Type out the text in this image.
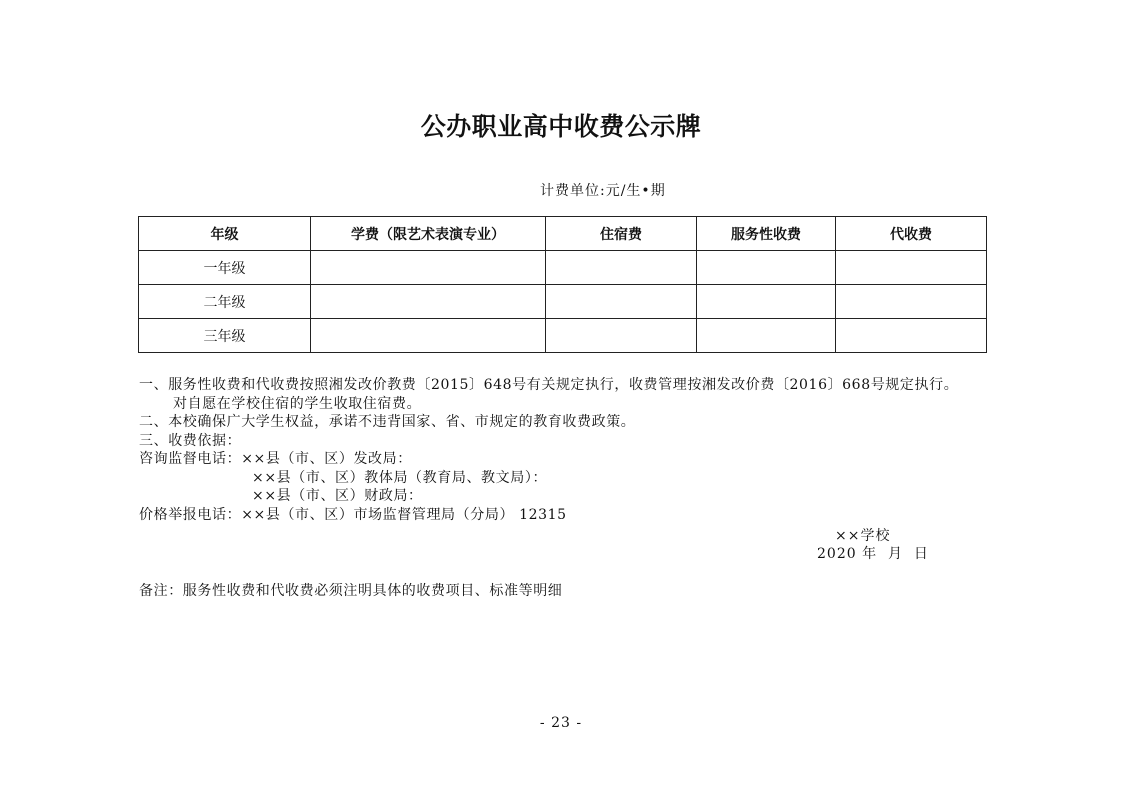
公办职业高中收费公示牌
计费单位:元/生•期
年级	学费（限艺术表演专业）	住宿费	服务性收费	代收费
一年级				
二年级				
三年级				
一、服务性收费和代收费按照湘发改价教费〔2015〕648号有关规定执行，收费管理按湘发改价费〔2016〕668号规定执行。
对自愿在学校住宿的学生收取住宿费。
二、本校确保广大学生权益，承诺不违背国家、省、市规定的教育收费政策。
三、收费依据：
咨询监督电话：××县（市、区）发改局：
××县（市、区）教体局（教育局、教文局）：
××县（市、区）财政局：
价格举报电话：××县（市、区）市场监督管理局（分局） 12315
××学校
2020 年  月  日
备注：服务性收费和代收费必须注明具体的收费项目、标准等明细
- 23 -
